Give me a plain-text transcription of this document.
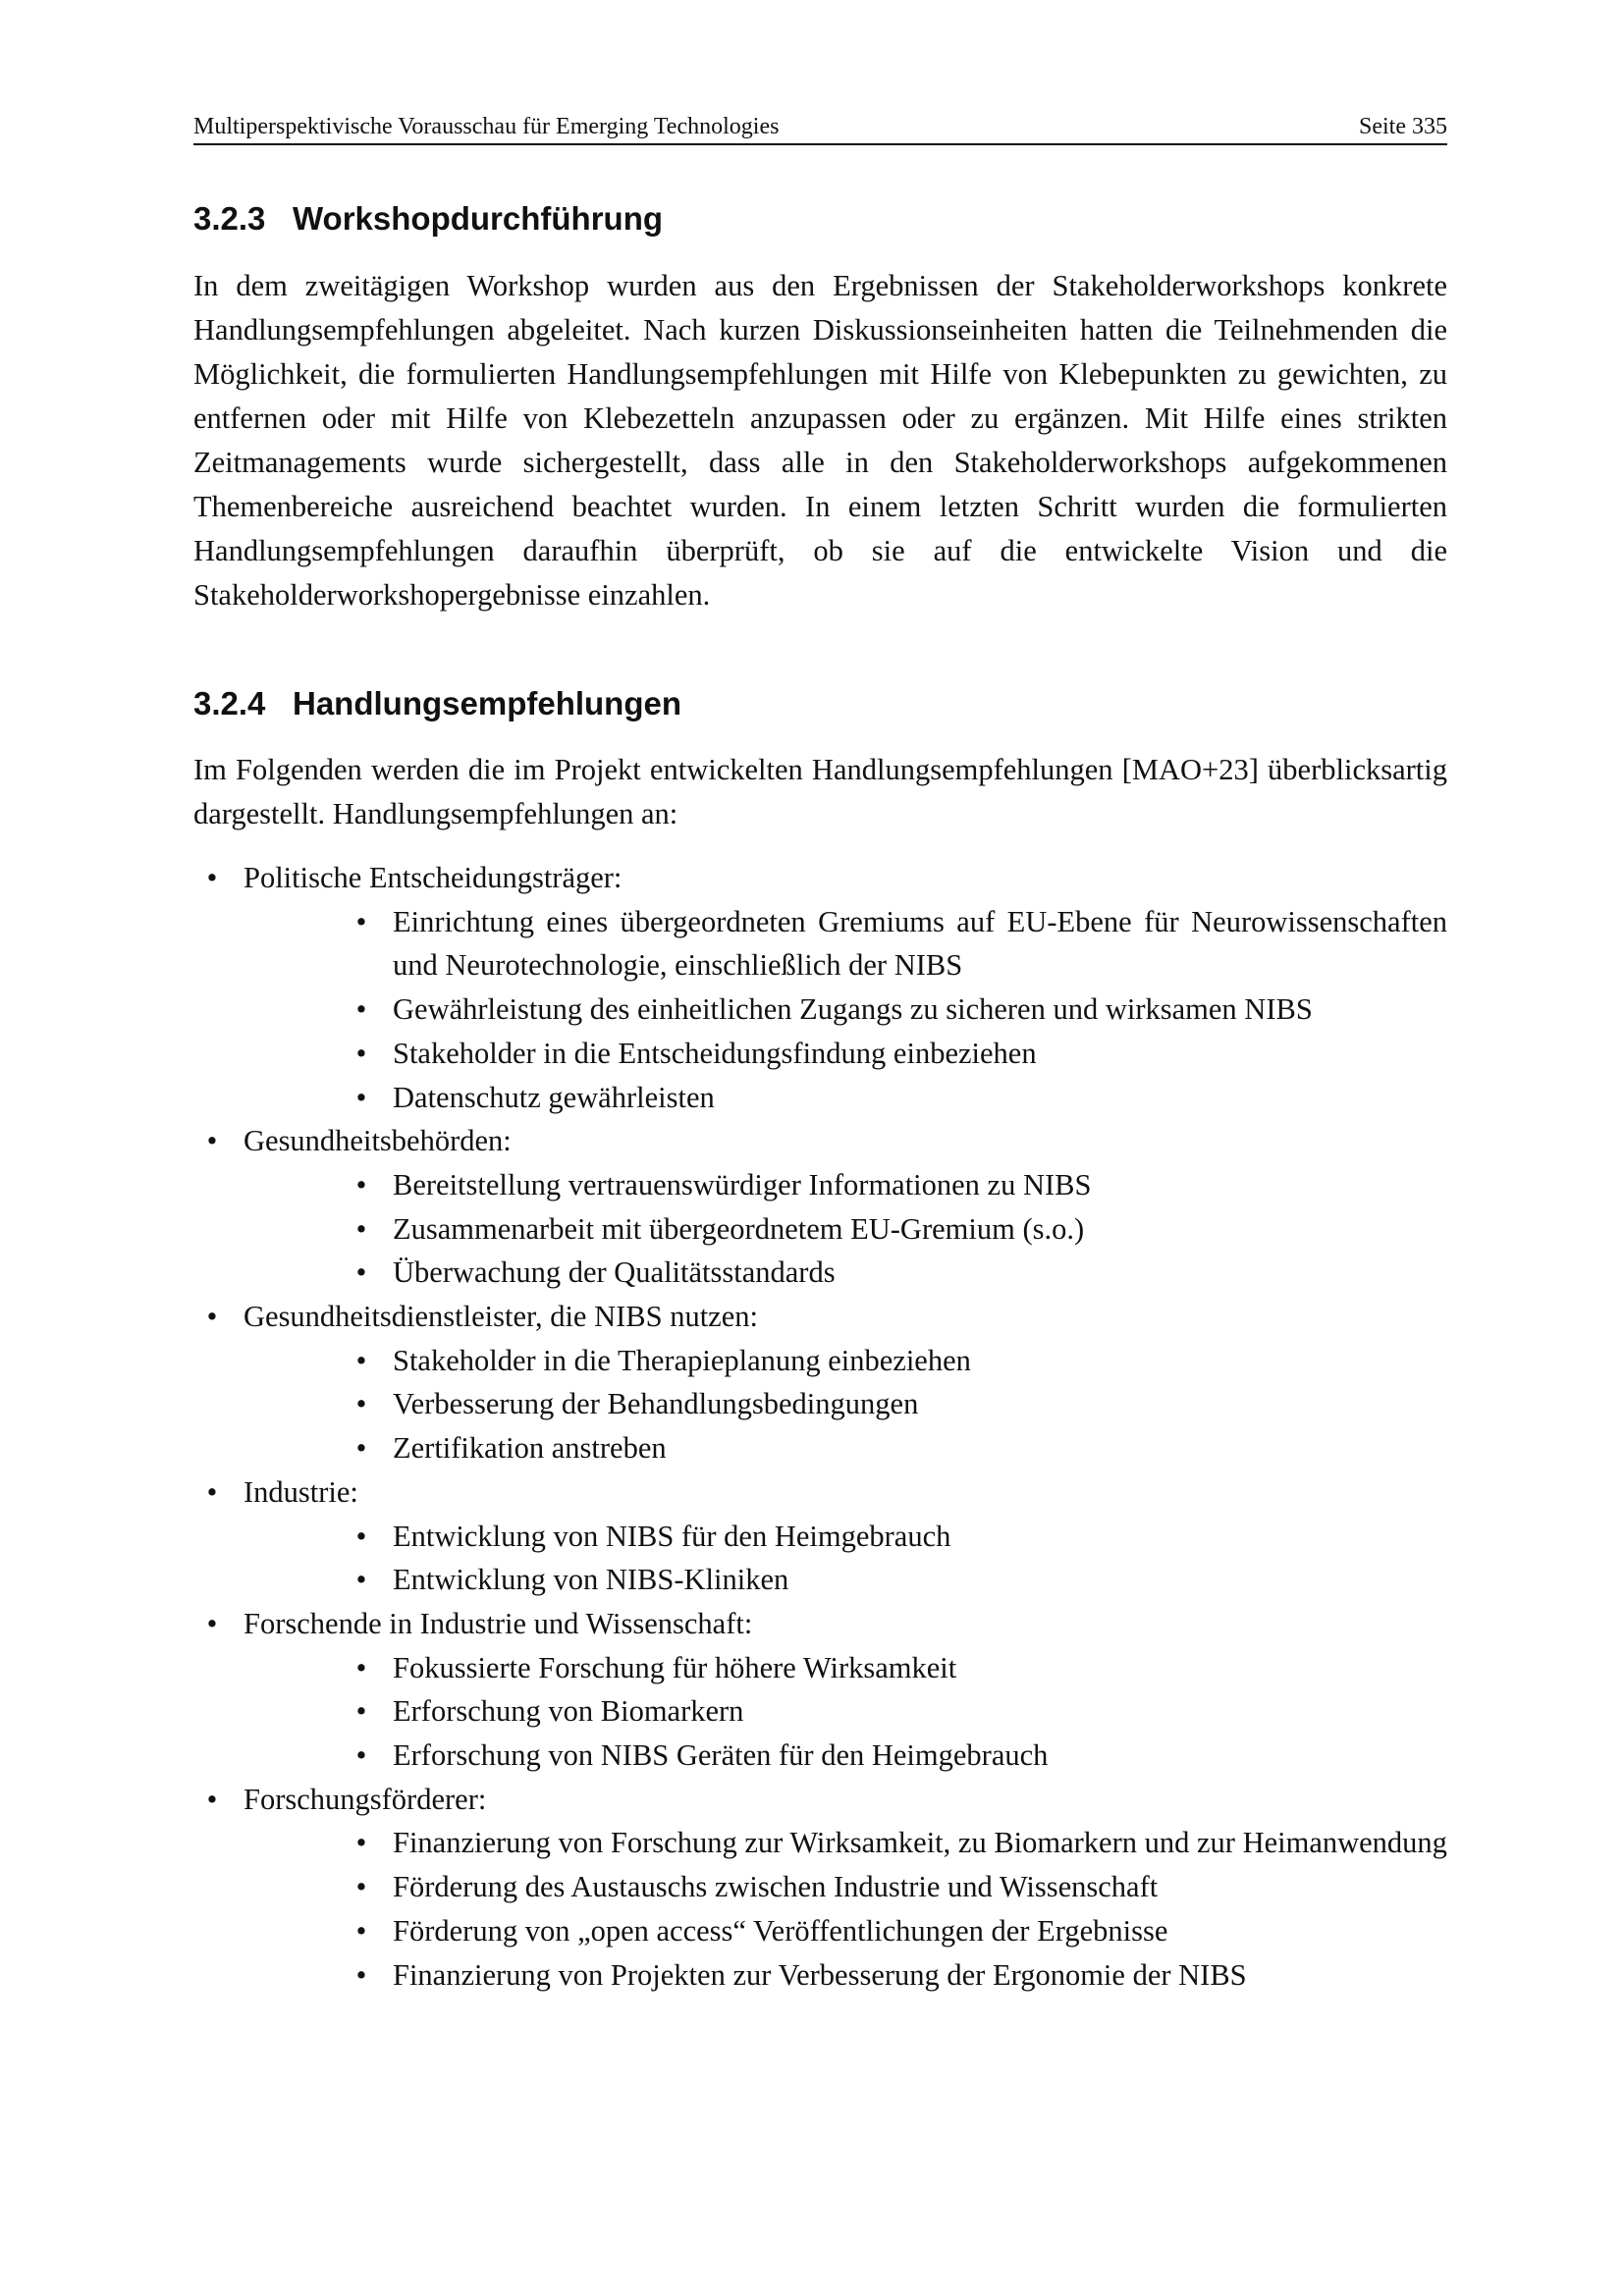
Multiperspektivische Vorausschau für Emerging Technologies	Seite 335
3.2.3 Workshopdurchführung

In dem zweitägigen Workshop wurden aus den Ergebnissen der Stakeholderworkshops konkrete Handlungsempfehlungen abgeleitet. Nach kurzen Diskussionseinheiten hatten die Teilnehmenden die Möglichkeit, die formulierten Handlungsempfehlungen mit Hilfe von Klebepunkten zu gewichten, zu entfernen oder mit Hilfe von Klebezetteln anzupassen oder zu ergänzen. Mit Hilfe eines strikten Zeitmanagements wurde sichergestellt, dass alle in den Stakeholderworkshops aufgekommenen Themenbereiche ausreichend beachtet wurden. In einem letzten Schritt wurden die formulierten Handlungsempfehlungen daraufhin überprüft, ob sie auf die entwickelte Vision und die Stakeholderworkshopergebnisse einzahlen.

3.2.4 Handlungsempfehlungen

Im Folgenden werden die im Projekt entwickelten Handlungsempfehlungen [MAO+23] überblicksartig dargestellt. Handlungsempfehlungen an:

• Politische Entscheidungsträger:
• Einrichtung eines übergeordneten Gremiums auf EU-Ebene für Neurowissenschaften und Neurotechnologie, einschließlich der NIBS
• Gewährleistung des einheitlichen Zugangs zu sicheren und wirksamen NIBS
• Stakeholder in die Entscheidungsfindung einbeziehen
• Datenschutz gewährleisten
• Gesundheitsbehörden:
• Bereitstellung vertrauenswürdiger Informationen zu NIBS
• Zusammenarbeit mit übergeordnetem EU-Gremium (s.o.)
• Überwachung der Qualitätsstandards
• Gesundheitsdienstleister, die NIBS nutzen:
• Stakeholder in die Therapieplanung einbeziehen
• Verbesserung der Behandlungsbedingungen
• Zertifikation anstreben
• Industrie:
• Entwicklung von NIBS für den Heimgebrauch
• Entwicklung von NIBS-Kliniken
• Forschende in Industrie und Wissenschaft:
• Fokussierte Forschung für höhere Wirksamkeit
• Erforschung von Biomarkern
• Erforschung von NIBS Geräten für den Heimgebrauch
• Forschungsförderer:
• Finanzierung von Forschung zur Wirksamkeit, zu Biomarkern und zur Heimanwendung
• Förderung des Austauschs zwischen Industrie und Wissenschaft
• Förderung von „open access“ Veröffentlichungen der Ergebnisse
• Finanzierung von Projekten zur Verbesserung der Ergonomie der NIBS
